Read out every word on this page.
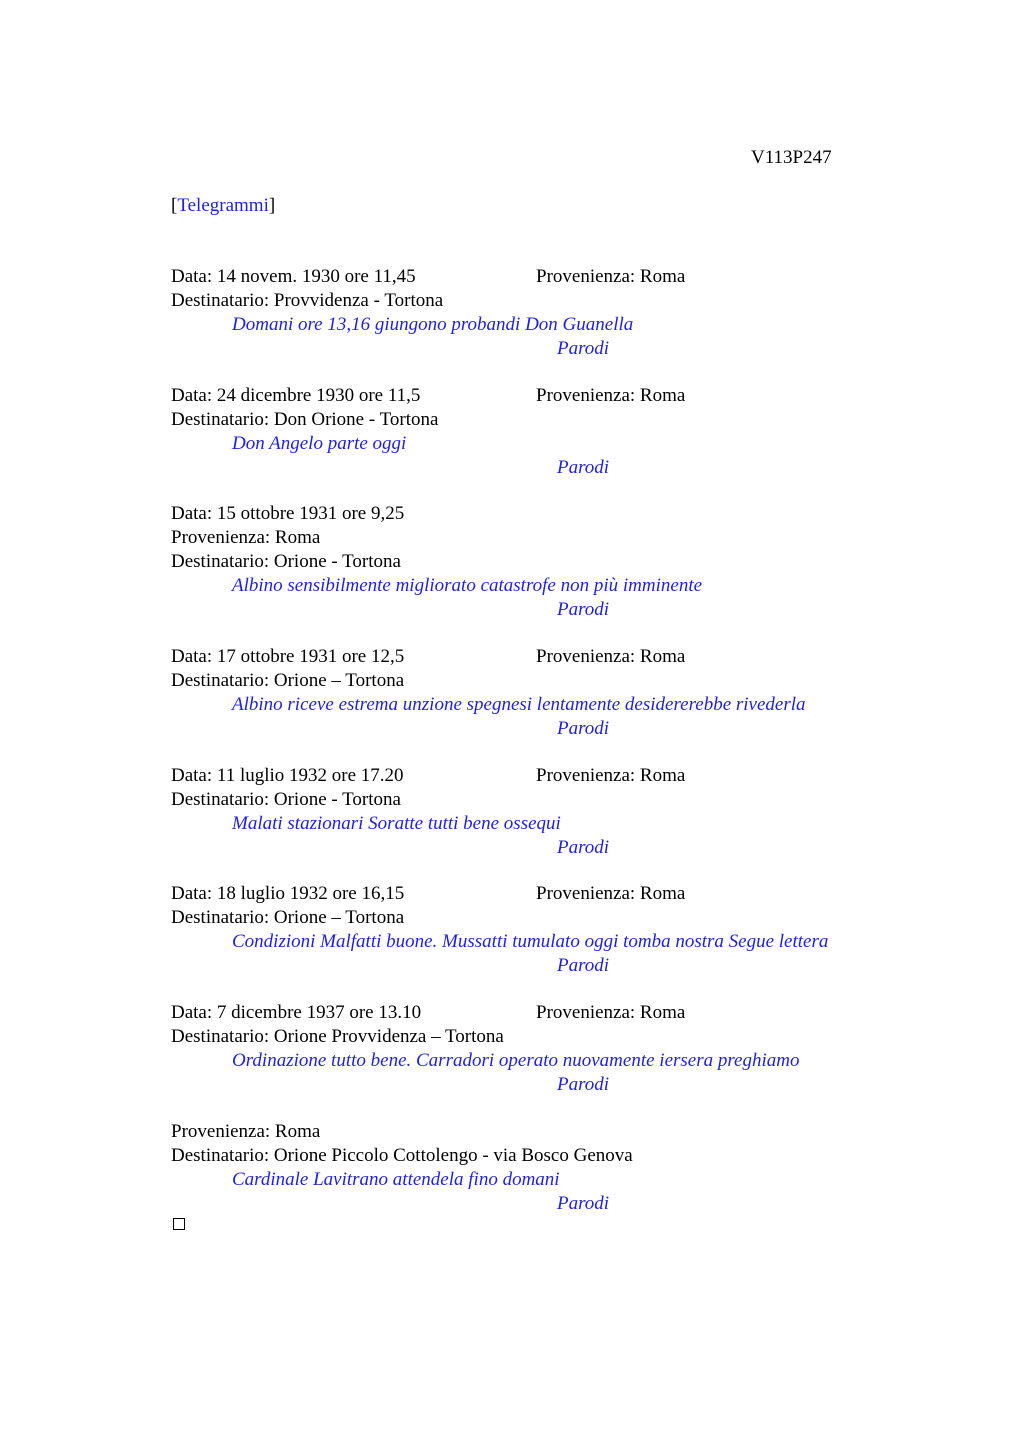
V113P247
[Telegrammi]
Data: 14 novem. 1930 ore 11,45	Provenienza: Roma
Destinatario: Provvidenza - Tortona
Domani ore 13,16 giungono probandi Don Guanella
Parodi
Data: 24 dicembre 1930 ore 11,5	Provenienza: Roma
Destinatario: Don Orione - Tortona
Don Angelo parte oggi
Parodi
Data: 15 ottobre 1931 ore 9,25
Provenienza: Roma
Destinatario: Orione - Tortona
Albino sensibilmente migliorato catastrofe non più imminente
Parodi
Data: 17 ottobre 1931 ore 12,5	Provenienza: Roma
Destinatario: Orione – Tortona
Albino riceve estrema unzione spegnesi lentamente desidererebbe rivederla
Parodi
Data: 11 luglio 1932 ore 17.20	Provenienza: Roma
Destinatario: Orione - Tortona
Malati stazionari Soratte tutti bene ossequi
Parodi
Data: 18 luglio 1932 ore 16,15	Provenienza: Roma
Destinatario: Orione – Tortona
Condizioni Malfatti buone. Mussatti tumulato oggi tomba nostra Segue lettera
Parodi
Data: 7 dicembre 1937 ore 13.10	Provenienza: Roma
Destinatario: Orione Provvidenza – Tortona
Ordinazione tutto bene. Carradori operato nuovamente iersera preghiamo
Parodi
Provenienza: Roma
Destinatario: Orione Piccolo Cottolengo - via Bosco Genova
Cardinale Lavitrano attendela fino domani
Parodi
